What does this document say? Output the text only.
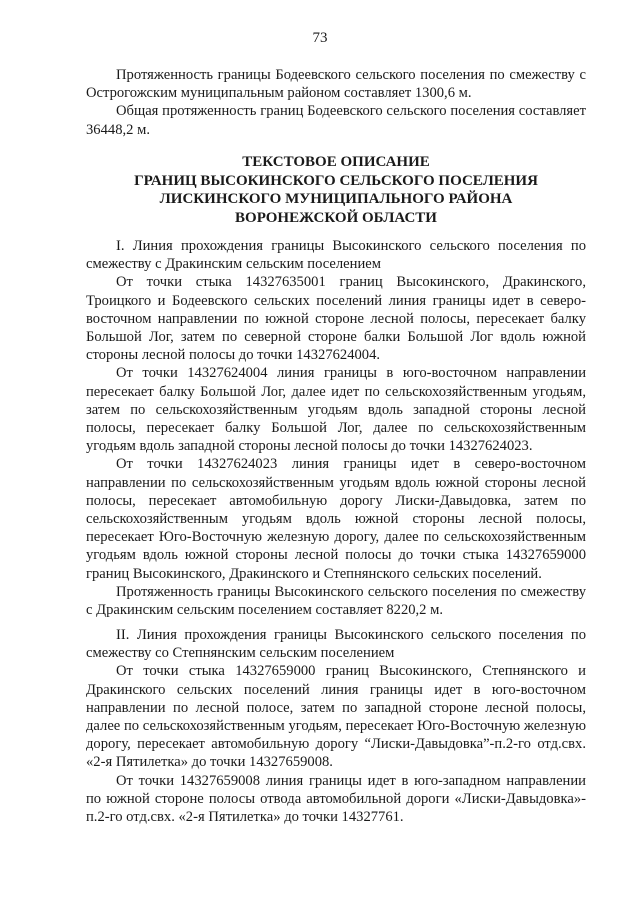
73

Протяженность границы Бодеевского сельского поселения по смежеству с Острогожским муниципальным районом составляет 1300,6 м.

Общая протяженность границ Бодеевского сельского поселения составляет 36448,2 м.

ТЕКСТОВОЕ ОПИСАНИЕ
ГРАНИЦ ВЫСОКИНСКОГО СЕЛЬСКОГО ПОСЕЛЕНИЯ
ЛИСКИНСКОГО МУНИЦИПАЛЬНОГО РАЙОНА
ВОРОНЕЖСКОЙ ОБЛАСТИ

I. Линия прохождения границы Высокинского сельского поселения по смежеству с Дракинским сельским поселением

От точки стыка 14327635001 границ Высокинского, Дракинского, Троицкого и Бодеевского сельских поселений линия границы идет в северо-восточном направлении по южной стороне лесной полосы, пересекает балку Большой Лог, затем по северной стороне балки Большой Лог вдоль южной стороны лесной полосы до точки 14327624004.

От точки 14327624004 линия границы в юго-восточном направлении пересекает балку Большой Лог, далее идет по сельскохозяйственным угодьям, затем по сельскохозяйственным угодьям вдоль западной стороны лесной полосы, пересекает балку Большой Лог, далее по сельскохозяйственным угодьям вдоль западной стороны лесной полосы до точки 14327624023.

От точки 14327624023 линия границы идет в северо-восточном направлении по сельскохозяйственным угодьям вдоль южной стороны лесной полосы, пересекает автомобильную дорогу Лиски-Давыдовка, затем по сельскохозяйственным угодьям вдоль южной стороны лесной полосы, пересекает Юго-Восточную железную дорогу, далее по сельскохозяйственным угодьям вдоль южной стороны лесной полосы до точки стыка 14327659000 границ Высокинского, Дракинского и Степнянского сельских поселений.

Протяженность границы Высокинского сельского поселения по смежеству с Дракинским сельским поселением составляет 8220,2 м.

II. Линия прохождения границы Высокинского сельского поселения по смежеству со Степнянским сельским поселением

От точки стыка 14327659000 границ Высокинского, Степнянского и Дракинского сельских поселений линия границы идет в юго-восточном направлении по лесной полосе, затем по западной стороне лесной полосы, далее по сельскохозяйственным угодьям, пересекает Юго-Восточную железную дорогу, пересекает автомобильную дорогу “Лиски-Давыдовка”-п.2-го отд.свх. «2-я Пятилетка» до точки 14327659008.

От точки 14327659008 линия границы идет в юго-западном направлении по южной стороне полосы отвода автомобильной дороги «Лиски-Давыдовка»-п.2-го отд.свх. «2-я Пятилетка» до точки 14327761.
